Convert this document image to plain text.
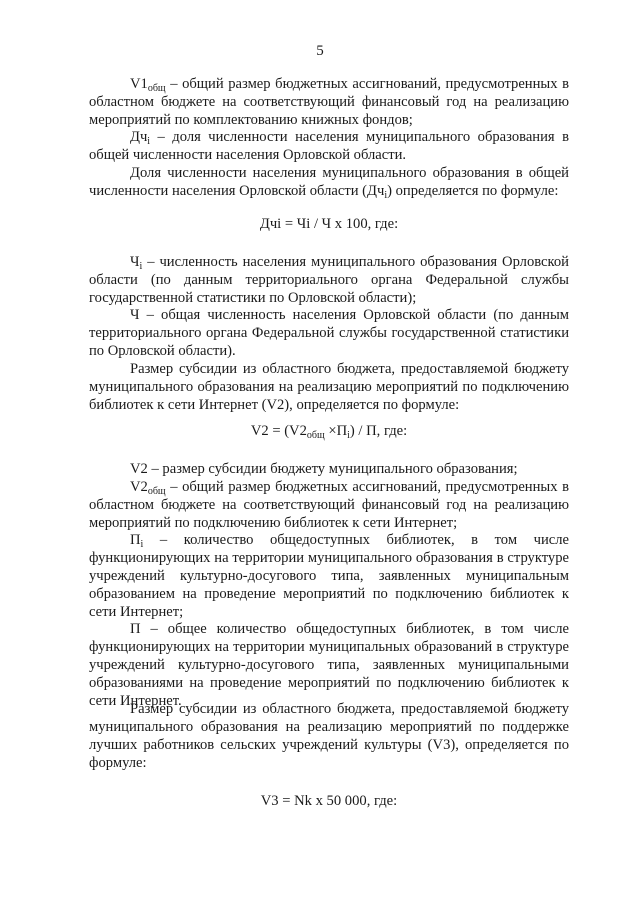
5
$V1_{общ}$ – общий размер бюджетных ассигнований, предусмотренных в областном бюджете на соответствующий финансовый год на реализацию мероприятий по комплектованию книжных фондов;
$Дч_i$ – доля численности населения муниципального образования в общей численности населения Орловской области.
Доля численности населения муниципального образования в общей численности населения Орловской области $(Дч_i)$ определяется по формуле:
Дчi = Чi / Ч х 100, где:
$Ч_i$ – численность населения муниципального образования Орловской области (по данным территориального органа Федеральной службы государственной статистики по Орловской области);
Ч – общая численность населения Орловской области (по данным территориального органа Федеральной службы государственной статистики по Орловской области).
Размер субсидии из областного бюджета, предоставляемой бюджету муниципального образования на реализацию мероприятий по подключению библиотек к сети Интернет (V2), определяется по формуле:
$V2 = (V2_{общ} \times П_i) / П$, где:
V2 – размер субсидии бюджету муниципального образования;
$V2_{общ}$ – общий размер бюджетных ассигнований, предусмотренных в областном бюджете на соответствующий финансовый год на реализацию мероприятий по подключению библиотек к сети Интернет;
$П_i$ – количество общедоступных библиотек, в том числе функционирующих на территории муниципального образования в структуре учреждений культурно-досугового типа, заявленных муниципальным образованием на проведение мероприятий по подключению библиотек к сети Интернет;
П – общее количество общедоступных библиотек, в том числе функционирующих на территории муниципальных образований в структуре учреждений культурно-досугового типа, заявленных муниципальными образованиями на проведение мероприятий по подключению библиотек к сети Интернет.
Размер субсидии из областного бюджета, предоставляемой бюджету муниципального образования на реализацию мероприятий по поддержке лучших работников сельских учреждений культуры (V3), определяется по формуле:
V3 = Nk х 50 000, где:
